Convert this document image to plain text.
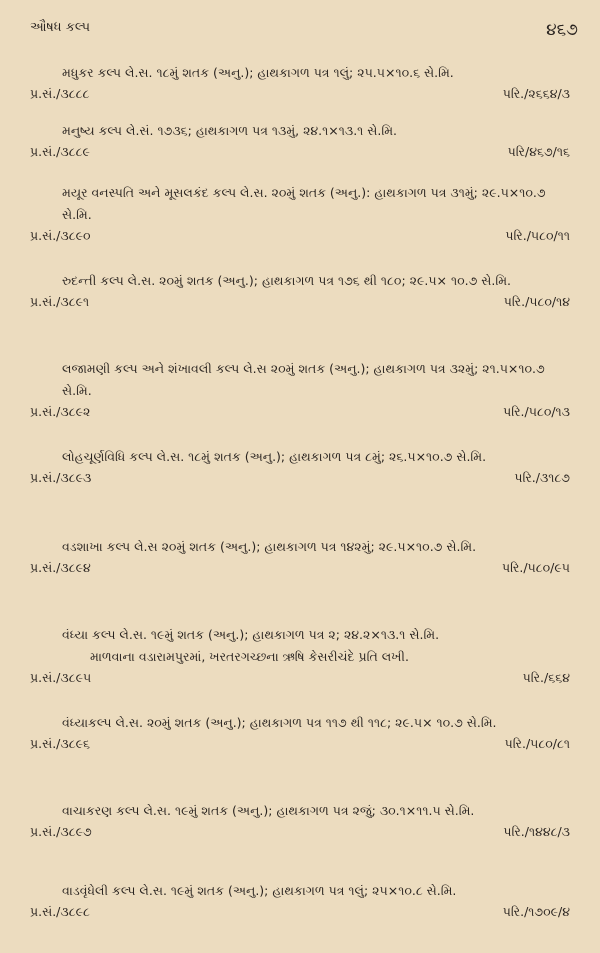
ઔષધ કલ્પ	૪૬૭
મધુકર કલ્પ લે.સ. ૧૮મું શતક (અનુ.); હાથકાગળ પત્ર ૧લું; ૨૫.૫×૧૦.૬ સે.મિ.
પ્ર.સં./૩૮૮૮	પરિ./૨૬૬૪/૩
મનુષ્ય કલ્પ લે.સં. ૧૭૩૬; હાથકાગળ પત્ર ૧૩મું, ૨૪.૧×૧૩.૧ સે.મિ.
પ્ર.સં./૩૮૮૯	પરિ/૪૬૭/૧૬
મયૂર વનસ્પતિ અને મૂસલકંદ કલ્પ લે.સ. ૨૦મું શતક (અનુ.): હાથકાગળ પત્ર ૩૧મું; ૨૯.૫×૧૦.૭ સે.મિ.
પ્ર.સં./૩૮૯૦	પરિ./૫૮૦/૧૧
રુદન્તી કલ્પ લે.સ. ૨૦મું શતક (અનુ.); હાથકાગળ પત્ર ૧૭૬ થી ૧૮૦; ૨૯.૫× ૧૦.૭ સે.મિ.
પ્ર.સં./૩૮૯૧	પરિ./૫૮૦/૧૪
લજામણી કલ્પ અને શંખાવલી કલ્પ લે.સ ૨૦મું શતક (અનુ.); હાથકાગળ પત્ર ૩૨મું; ૨૧.૫×૧૦.૭ સે.મિ.
પ્ર.સં./૩૮૯૨	પરિ./૫૮૦/૧૩
લોહચૂર્ણવિધિ કલ્પ લે.સ. ૧૮મું શતક (અનુ.); હાથકાગળ પત્ર ૮મું; ૨૬.૫×૧૦.૭ સે.મિ.
પ્ર.સં./૩૮૯૩	પરિ./૩૧૮૭
વડશાખા કલ્પ લે.સ ૨૦મું શતક (અનુ.); હાથકાગળ પત્ર ૧૪૨મું; ૨૯.૫×૧૦.૭ સે.મિ.
પ્ર.સં./૩૮૯૪	પરિ./૫૮૦/૯૫
વંધ્યા કલ્પ લે.સ. ૧૯મું શતક (અનુ.); હાથકાગળ પત્ર ૨; ૨૪.૨×૧૩.૧ સે.મિ.
માળવાના વડારામપુરમાં, ખરતરગચ્છના ઋષિ કેસરીચંદે પ્રતિ લખી.
પ્ર.સં./૩૮૯૫	પરિ./૬૬૪
વંધ્યાકલ્પ લે.સ. ૨૦મું શતક (અનુ.); હાથકાગળ પત્ર ૧૧૭ થી ૧૧૮; ૨૯.૫× ૧૦.૭ સે.મિ.
પ્ર.સં./૩૮૯૬	પરિ./૫૮૦/૮૧
વાચાકરણ કલ્પ લે.સ. ૧૯મું શતક (અનુ.); હાથકાગળ પત્ર ૨જું; ૩૦.૧×૧૧.૫ સે.મિ.
પ્ર.સં./૩૮૯૭	પરિ./૧૪૪૮/૩
વાડવૃંધેલી કલ્પ લે.સ. ૧૯મું શતક (અનુ.); હાથકાગળ પત્ર ૧લું; ૨૫×૧૦.૮ સે.મિ.
પ્ર.સં./૩૮૯૮	પરિ./૧૭૦૯/૪
